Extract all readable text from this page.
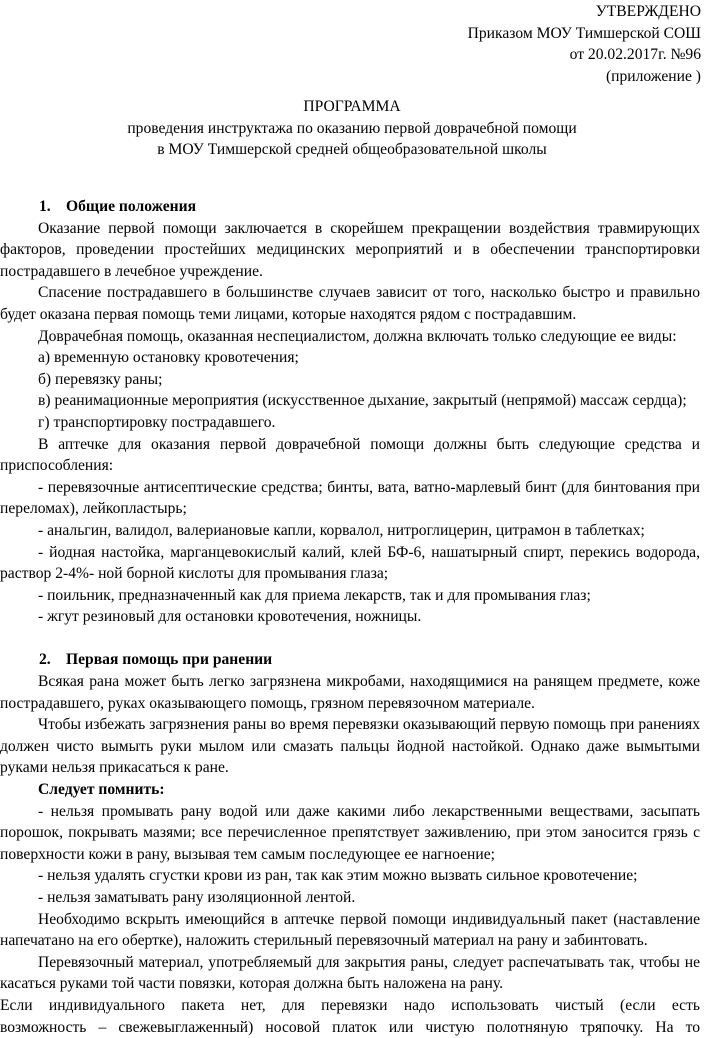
УТВЕРЖДЕНО
Приказом МОУ Тимшерской СОШ
от 20.02.2017г. №96
(приложение )
ПРОГРАММА
проведения инструктажа по оказанию первой доврачебной помощи
в МОУ Тимшерской средней общеобразовательной школы
1. Общие положения

Оказание первой помощи заключается в скорейшем прекращении воздействия травмирующих факторов, проведении простейших медицинских мероприятий и в обеспечении транспортировки пострадавшего в лечебное учреждение.

Спасение пострадавшего в большинстве случаев зависит от того, насколько быстро и правильно будет оказана первая помощь теми лицами, которые находятся рядом с пострадавшим.

Доврачебная помощь, оказанная неспециалистом, должна включать только следующие ее виды:

а) временную остановку кровотечения;

б) перевязку раны;

в) реанимационные мероприятия (искусственное дыхание, закрытый (непрямой) массаж сердца);

г) транспортировку пострадавшего.

В аптечке для оказания первой доврачебной помощи должны быть следующие средства и приспособления:

- перевязочные антисептические средства; бинты, вата, ватно-марлевый бинт (для бинтования при переломах), лейкопластырь;

- анальгин, валидол, валериановые капли, корвалол, нитроглицерин, цитрамон в таблетках;

- йодная настойка, марганцевокислый калий, клей БФ-6, нашатырный спирт, перекись водорода, раствор 2-4%- ной борной кислоты для промывания глаза;

- поильник, предназначенный как для приема лекарств, так и для промывания глаз;

- жгут резиновый для остановки кровотечения, ножницы.

2. Первая помощь при ранении

Всякая рана может быть легко загрязнена микробами, находящимися на ранящем предмете, коже пострадавшего, руках оказывающего помощь, грязном перевязочном материале.

Чтобы избежать загрязнения раны во время перевязки оказывающий первую помощь при ранениях должен чисто вымыть руки мылом или смазать пальцы йодной настойкой. Однако даже вымытыми руками нельзя прикасаться к ране.

Следует помнить:

- нельзя промывать рану водой или даже какими либо лекарственными веществами, засыпать порошок, покрывать мазями; все перечисленное препятствует заживлению, при этом заносится грязь с поверхности кожи в рану, вызывая тем самым последующее ее нагноение;

- нельзя удалять сгустки крови из ран, так как этим можно вызвать сильное кровотечение;

- нельзя заматывать рану изоляционной лентой.

Необходимо вскрыть имеющийся в аптечке первой помощи индивидуальный пакет (наставление напечатано на его обертке), наложить стерильный перевязочный материал на рану и забинтовать.

Перевязочный материал, употребляемый для закрытия раны, следует распечатывать так, чтобы не касаться руками той части повязки, которая должна быть наложена на рану.

Если индивидуального пакета нет, для перевязки надо использовать чистый (если есть

возможность – свежевыглаженный) носовой платок или чистую полотняную тряпочку. На то
